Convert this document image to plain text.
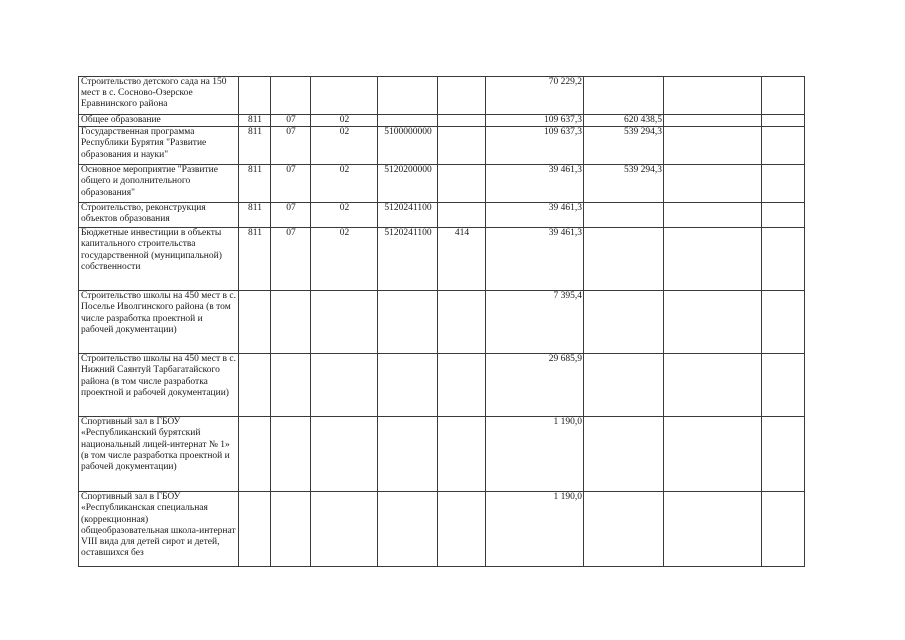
Строительство детского сада на 150 мест в с. Сосново-Озерское Еравнинского района						70 229,2			
Общее образование	811	07	02			109 637,3	620 438,5		
Государственная программа Республики Бурятия "Развитие образования и науки"	811	07	02	5100000000		109 637,3	539 294,3		
Основное мероприятие "Развитие общего и дополнительного образования"	811	07	02	5120200000		39 461,3	539 294,3		
Строительство, реконструкция объектов образования	811	07	02	5120241100		39 461,3			
Бюджетные инвестиции в объекты капитального строительства государственной (муниципальной) собственности	811	07	02	5120241100	414	39 461,3			
Строительство школы на 450 мест в с. Поселье Иволгинского района (в том числе разработка проектной и рабочей документации)						7 395,4			
Строительство школы на 450 мест в с. Нижний Саянтуй Тарбагатайского района (в том числе разработка проектной и рабочей документации)						29 685,9			
Спортивный зал в ГБОУ «Республиканский бурятский национальный лицей-интернат № 1» (в том числе разработка проектной и рабочей документации)						1 190,0			
Спортивный зал в ГБОУ «Республиканская специальная (коррекционная) общеобразовательная школа-интернат VIII вида для детей сирот и детей, оставшихся без						1 190,0			
